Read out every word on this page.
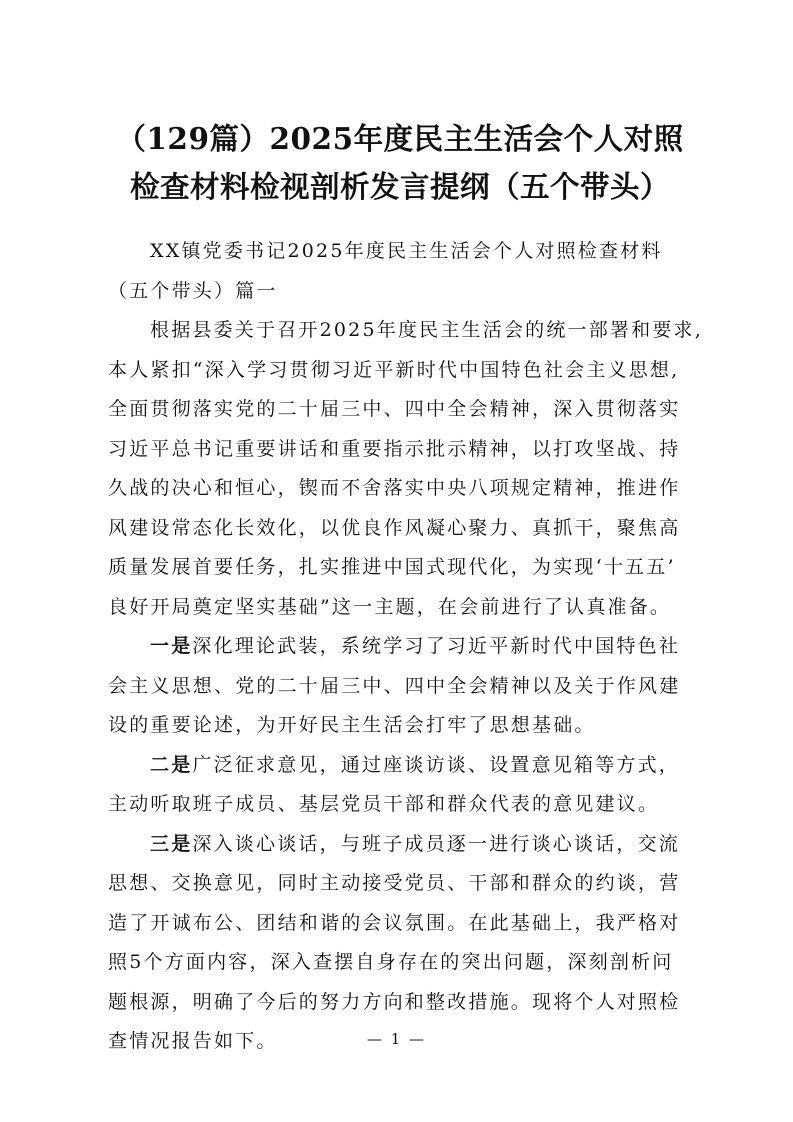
（129篇）2025年度民主生活会个人对照
检查材料检视剖析发言提纲（五个带头）
XX镇党委书记2025年度民主生活会个人对照检查材料
（五个带头）篇一
根据县委关于召开2025年度民主生活会的统一部署和要求,
本人紧扣“深入学习贯彻习近平新时代中国特色社会主义思想,
全面贯彻落实党的二十届三中、四中全会精神，深入贯彻落实
习近平总书记重要讲话和重要指示批示精神，以打攻坚战、持
久战的决心和恒心，锲而不舍落实中央八项规定精神，推进作
风建设常态化长效化，以优良作风凝心聚力、真抓干，聚焦高
质量发展首要任务，扎实推进中国式现代化，为实现‘十五五’
良好开局奠定坚实基础”这一主题，在会前进行了认真准备。
一是深化理论武装，系统学习了习近平新时代中国特色社
会主义思想、党的二十届三中、四中全会精神以及关于作风建
设的重要论述，为开好民主生活会打牢了思想基础。
二是广泛征求意见，通过座谈访谈、设置意见箱等方式，
主动听取班子成员、基层党员干部和群众代表的意见建议。
三是深入谈心谈话，与班子成员逐一进行谈心谈话，交流
思想、交换意见，同时主动接受党员、干部和群众的约谈，营
造了开诚布公、团结和谐的会议氛围。在此基础上，我严格对
照5个方面内容，深入查摆自身存在的突出问题，深刻剖析问
题根源，明确了今后的努力方向和整改措施。现将个人对照检
查情况报告如下。	— 1 —
